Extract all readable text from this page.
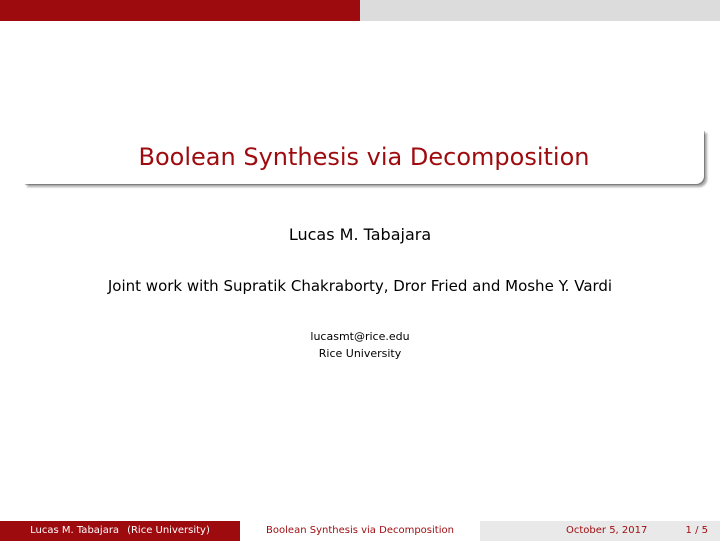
Boolean Synthesis via Decomposition
Lucas M. Tabajara
Joint work with Supratik Chakraborty, Dror Fried and Moshe Y. Vardi
lucasmt@rice.edu
Rice University
Lucas M. Tabajara (Rice University)	Boolean Synthesis via Decomposition	October 5, 2017	1 / 5
